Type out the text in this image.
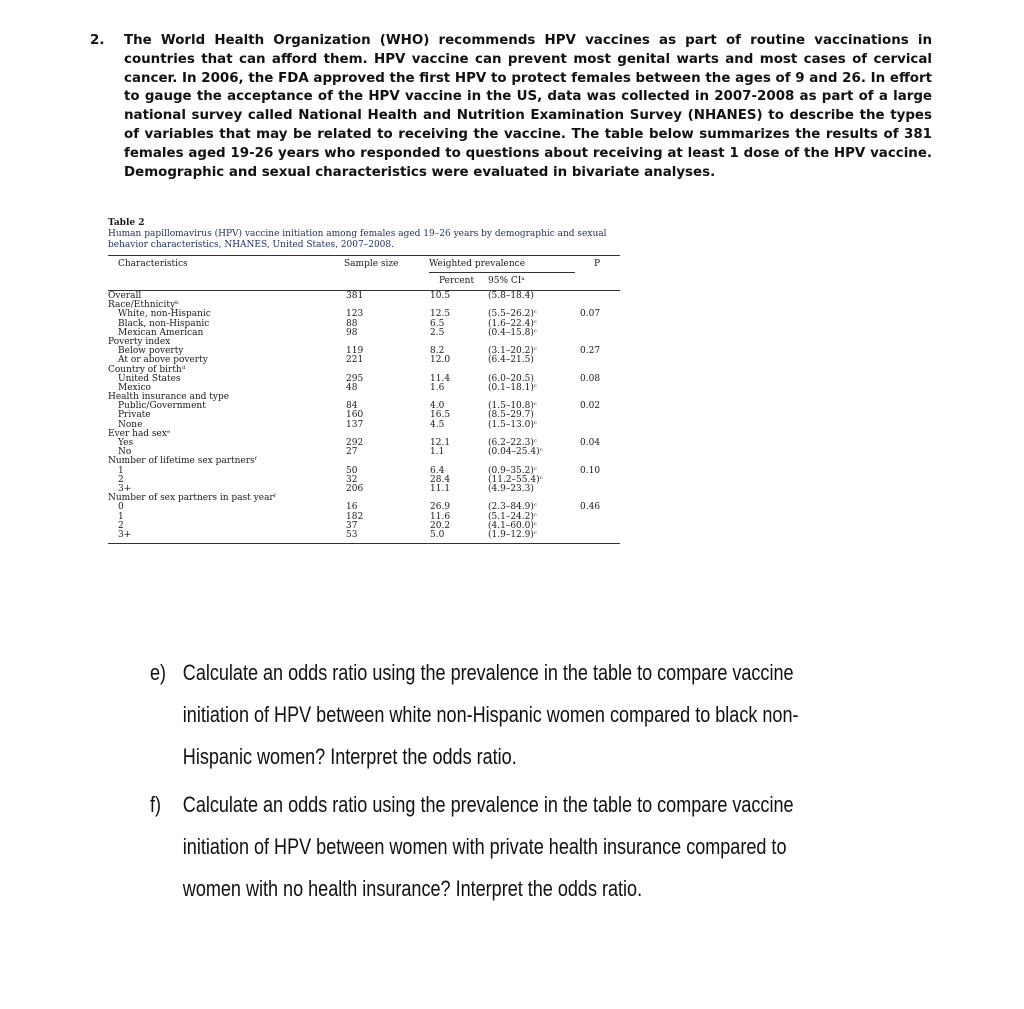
2.	The World Health Organization (WHO) recommends HPV vaccines as part of routine vaccinations in countries that can afford them. HPV vaccine can prevent most genital warts and most cases of cervical cancer. In 2006, the FDA approved the first HPV to protect females between the ages of 9 and 26. In effort to gauge the acceptance of the HPV vaccine in the US, data was collected in 2007-2008 as part of a large national survey called National Health and Nutrition Examination Survey (NHANES) to describe the types of variables that may be related to receiving the vaccine. The table below summarizes the results of 381 females aged 19-26 years who responded to questions about receiving at least 1 dose of the HPV vaccine. Demographic and sexual characteristics were evaluated in bivariate analyses.
Table 2
Human papillomavirus (HPV) vaccine initiation among females aged 19–26 years by demographic and sexual behavior characteristics, NHANES, United States, 2007–2008.
Characteristics	Sample size	Weighted prevalence	P
Percent 95% CIᵃ
Overall	381	10.5	(5.8–18.4)
Race/Ethnicityᵇ
White, non-Hispanic	123	12.5	(5.5–26.2)ᶜ	0.07
Black, non-Hispanic	88	6.5	(1.6–22.4)ᶜ
Mexican American	98	2.5	(0.4–15.8)ᶜ
Poverty index
Below poverty	119	8.2	(3.1–20.2)ᶜ	0.27
At or above poverty	221	12.0	(6.4–21.5)
Country of birthᵈ
United States	295	11.4	(6.0–20.5)	0.08
Mexico	48	1.6	(0.1–18.1)ᶜ
Health insurance and type
Public/Government	84	4.0	(1.5–10.8)ᶜ	0.02
Private	160	16.5	(8.5–29.7)
None	137	4.5	(1.5–13.0)ᶜ
Ever had sexᵉ
Yes	292	12.1	(6.2–22.3)ᶜ	0.04
No	27	1.1	(0.04–25.4)ᶜ
Number of lifetime sex partnersᶠ
1	50	6.4	(0.9–35.2)ᶜ	0.10
2	32	28.4	(11.2–55.4)ᶜ
3+	206	11.1	(4.9–23.3)
Number of sex partners in past yearᶠ
0	16	26.9	(2.3–84.9)ᶜ	0.46
1	182	11.6	(5.1–24.2)ᶜ
2	37	20.2	(4.1–60.0)ᶜ
3+	53	5.0	(1.9–12.9)ᶜ
e) Calculate an odds ratio using the prevalence in the table to compare vaccine initiation of HPV between white non-Hispanic women compared to black non-Hispanic women? Interpret the odds ratio.
f) Calculate an odds ratio using the prevalence in the table to compare vaccine initiation of HPV between women with private health insurance compared to women with no health insurance? Interpret the odds ratio.
